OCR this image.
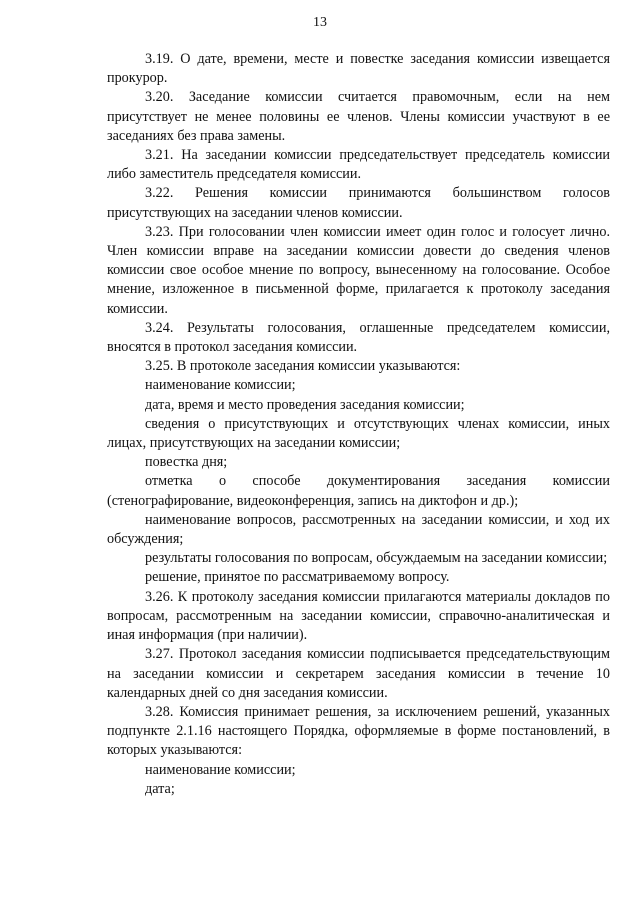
13

3.19. О дате, времени, месте и повестке заседания комиссии извещается прокурор.

3.20. Заседание комиссии считается правомочным, если на нем присутствует не менее половины ее членов. Члены комиссии участвуют в ее заседаниях без права замены.

3.21. На заседании комиссии председательствует председатель комиссии либо заместитель председателя комиссии.

3.22. Решения комиссии принимаются большинством голосов присутствующих на заседании членов комиссии.

3.23. При голосовании член комиссии имеет один голос и голосует лично. Член комиссии вправе на заседании комиссии довести до сведения членов комиссии свое особое мнение по вопросу, вынесенному на голосование. Особое мнение, изложенное в письменной форме, прилагается к протоколу заседания комиссии.

3.24. Результаты голосования, оглашенные председателем комиссии, вносятся в протокол заседания комиссии.

3.25. В протоколе заседания комиссии указываются:

наименование комиссии;

дата, время и место проведения заседания комиссии;

сведения о присутствующих и отсутствующих членах комиссии, иных лицах, присутствующих на заседании комиссии;

повестка дня;

отметка о способе документирования заседания комиссии (стенографирование, видеоконференция, запись на диктофон и др.);

наименование вопросов, рассмотренных на заседании комиссии, и ход их обсуждения;

результаты голосования по вопросам, обсуждаемым на заседании комиссии;

решение, принятое по рассматриваемому вопросу.

3.26. К протоколу заседания комиссии прилагаются материалы докладов по вопросам, рассмотренным на заседании комиссии, справочно-аналитическая и иная информация (при наличии).

3.27. Протокол заседания комиссии подписывается председательствующим на заседании комиссии и секретарем заседания комиссии в течение 10 календарных дней со дня заседания комиссии.

3.28. Комиссия принимает решения, за исключением решений, указанных подпункте 2.1.16 настоящего Порядка, оформляемые в форме постановлений, в которых указываются:

наименование комиссии;

дата;
